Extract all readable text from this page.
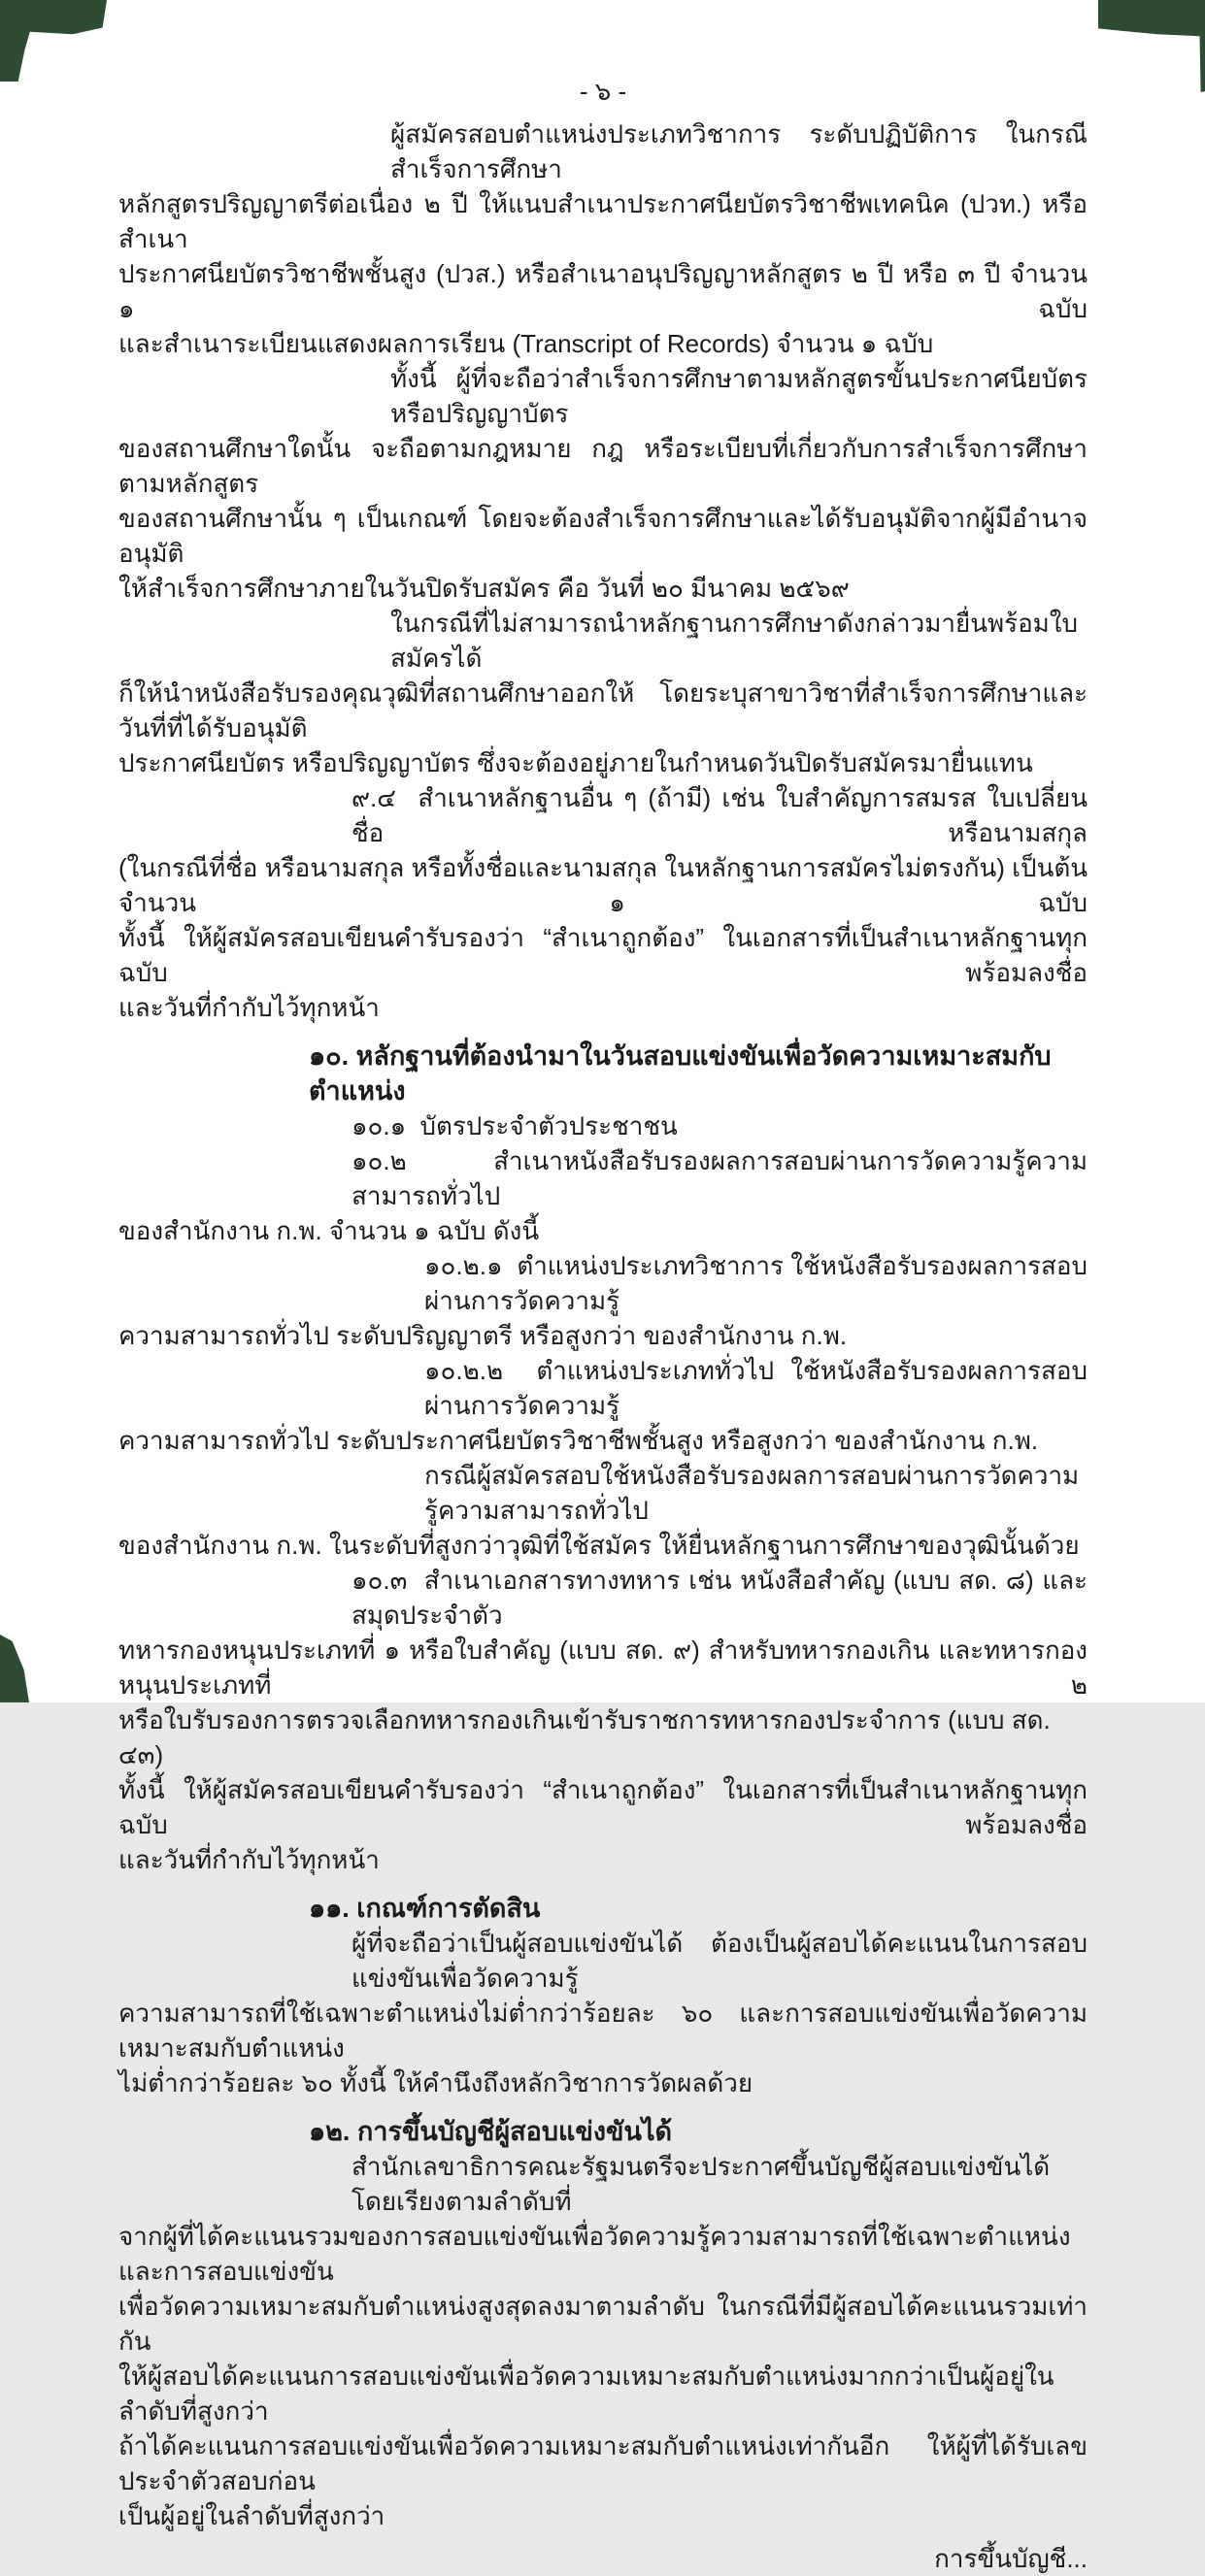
- ๖ -
ผู้สมัครสอบตำแหน่งประเภทวิชาการ ระดับปฏิบัติการ ในกรณีสำเร็จการศึกษา
หลักสูตรปริญญาตรีต่อเนื่อง ๒ ปี ให้แนบสำเนาประกาศนียบัตรวิชาชีพเทคนิค (ปวท.) หรือสำเนา
ประกาศนียบัตรวิชาชีพชั้นสูง (ปวส.) หรือสำเนาอนุปริญญาหลักสูตร ๒ ปี หรือ ๓ ปี จำนวน ๑ ฉบับ
และสำเนาระเบียนแสดงผลการเรียน (Transcript of Records) จำนวน ๑ ฉบับ
ทั้งนี้ ผู้ที่จะถือว่าสำเร็จการศึกษาตามหลักสูตรขั้นประกาศนียบัตร หรือปริญญาบัตร
ของสถานศึกษาใดนั้น จะถือตามกฎหมาย กฎ หรือระเบียบที่เกี่ยวกับการสำเร็จการศึกษาตามหลักสูตร
ของสถานศึกษานั้น ๆ เป็นเกณฑ์ โดยจะต้องสำเร็จการศึกษาและได้รับอนุมัติจากผู้มีอำนาจอนุมัติ
ให้สำเร็จการศึกษาภายในวันปิดรับสมัคร คือ วันที่ ๒๐ มีนาคม ๒๕๖๙
ในกรณีที่ไม่สามารถนำหลักฐานการศึกษาดังกล่าวมายื่นพร้อมใบสมัครได้
ก็ให้นำหนังสือรับรองคุณวุฒิที่สถานศึกษาออกให้ โดยระบุสาขาวิชาที่สำเร็จการศึกษาและวันที่ที่ได้รับอนุมัติ
ประกาศนียบัตร หรือปริญญาบัตร ซึ่งจะต้องอยู่ภายในกำหนดวันปิดรับสมัครมายื่นแทน
๙.๔  สำเนาหลักฐานอื่น ๆ (ถ้ามี) เช่น ใบสำคัญการสมรส ใบเปลี่ยนชื่อ หรือนามสกุล
(ในกรณีที่ชื่อ หรือนามสกุล หรือทั้งชื่อและนามสกุล ในหลักฐานการสมัครไม่ตรงกัน) เป็นต้น จำนวน ๑ ฉบับ
ทั้งนี้ ให้ผู้สมัครสอบเขียนคำรับรองว่า “สำเนาถูกต้อง” ในเอกสารที่เป็นสำเนาหลักฐานทุกฉบับ พร้อมลงชื่อ
และวันที่กำกับไว้ทุกหน้า
๑๐. หลักฐานที่ต้องนำมาในวันสอบแข่งขันเพื่อวัดความเหมาะสมกับตำแหน่ง
๑๐.๑  บัตรประจำตัวประชาชน
๑๐.๒  สำเนาหนังสือรับรองผลการสอบผ่านการวัดความรู้ความสามารถทั่วไป
ของสำนักงาน ก.พ. จำนวน ๑ ฉบับ ดังนี้
๑๐.๒.๑  ตำแหน่งประเภทวิชาการ ใช้หนังสือรับรองผลการสอบผ่านการวัดความรู้
ความสามารถทั่วไป ระดับปริญญาตรี หรือสูงกว่า ของสำนักงาน ก.พ.
๑๐.๒.๒  ตำแหน่งประเภททั่วไป ใช้หนังสือรับรองผลการสอบผ่านการวัดความรู้
ความสามารถทั่วไป ระดับประกาศนียบัตรวิชาชีพชั้นสูง หรือสูงกว่า ของสำนักงาน ก.พ.
กรณีผู้สมัครสอบใช้หนังสือรับรองผลการสอบผ่านการวัดความรู้ความสามารถทั่วไป
ของสำนักงาน ก.พ. ในระดับที่สูงกว่าวุฒิที่ใช้สมัคร ให้ยื่นหลักฐานการศึกษาของวุฒินั้นด้วย
๑๐.๓  สำเนาเอกสารทางทหาร เช่น หนังสือสำคัญ (แบบ สด. ๘) และสมุดประจำตัว
ทหารกองหนุนประเภทที่ ๑ หรือใบสำคัญ (แบบ สด. ๙) สำหรับทหารกองเกิน และทหารกองหนุนประเภทที่ ๒
หรือใบรับรองการตรวจเลือกทหารกองเกินเข้ารับราชการทหารกองประจำการ (แบบ สด. ๔๓)
ทั้งนี้ ให้ผู้สมัครสอบเขียนคำรับรองว่า “สำเนาถูกต้อง” ในเอกสารที่เป็นสำเนาหลักฐานทุกฉบับ พร้อมลงชื่อ
และวันที่กำกับไว้ทุกหน้า
๑๑. เกณฑ์การตัดสิน
ผู้ที่จะถือว่าเป็นผู้สอบแข่งขันได้ ต้องเป็นผู้สอบได้คะแนนในการสอบแข่งขันเพื่อวัดความรู้
ความสามารถที่ใช้เฉพาะตำแหน่งไม่ต่ำกว่าร้อยละ ๖๐ และการสอบแข่งขันเพื่อวัดความเหมาะสมกับตำแหน่ง
ไม่ต่ำกว่าร้อยละ ๖๐ ทั้งนี้ ให้คำนึงถึงหลักวิชาการวัดผลด้วย
๑๒. การขึ้นบัญชีผู้สอบแข่งขันได้
สำนักเลขาธิการคณะรัฐมนตรีจะประกาศขึ้นบัญชีผู้สอบแข่งขันได้ โดยเรียงตามลำดับที่
จากผู้ที่ได้คะแนนรวมของการสอบแข่งขันเพื่อวัดความรู้ความสามารถที่ใช้เฉพาะตำแหน่งและการสอบแข่งขัน
เพื่อวัดความเหมาะสมกับตำแหน่งสูงสุดลงมาตามลำดับ ในกรณีที่มีผู้สอบได้คะแนนรวมเท่ากัน
ให้ผู้สอบได้คะแนนการสอบแข่งขันเพื่อวัดความเหมาะสมกับตำแหน่งมากกว่าเป็นผู้อยู่ในลำดับที่สูงกว่า
ถ้าได้คะแนนการสอบแข่งขันเพื่อวัดความเหมาะสมกับตำแหน่งเท่ากันอีก ให้ผู้ที่ได้รับเลขประจำตัวสอบก่อน
เป็นผู้อยู่ในลำดับที่สูงกว่า
การขึ้นบัญชี...
